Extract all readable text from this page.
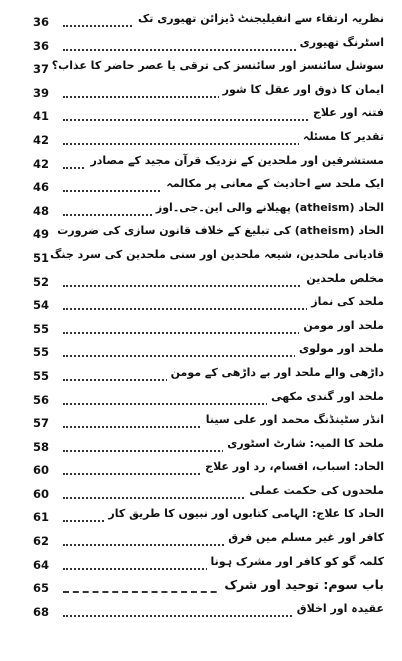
36	نظریہ ارتقاء سے انفیلیجنٹ ڈیزائن تھیوری تک
36	اسٹرنگ تھیوری
37 سوشل سائنسز اور سائنسز کی ترقی یا عصر حاضر کا عذاب؟
39	ایمان کا ذوق اور عقل کا شور
41	فتنہ اور علاج
42	تقدیر کا مسئلہ
42	مستشرقین اور ملحدین کے نزدیک قرآن مجید کے مصادر
46	ایک ملحد سے احادیث کے معانی پر مکالمہ
48	الحاد (atheism) پھیلانے والی این۔جی۔اوز
49 الحاد (atheism) کی تبلیغ کے خلاف قانون سازی کی ضرورت
51 قادیانی ملحدین، شیعہ ملحدین اور سنی ملحدین کی سرد جنگ
52	مخلص ملحدین
54	ملحد کی نماز
55	ملحد اور مومن
55	ملحد اور مولوی
55	داڑھی والے ملحد اور بے داڑھی کے مومن
56	ملحد اور گندی مکھی
57	انڈر سٹینڈنگ محمد اور علی سینا
58	ملحد کا المیہ: شارٹ اسٹوری
60	الحاد: اسباب، اقسام، رد اور علاج
60	ملحدوں کی حکمت عملی
61	الحاد کا علاج: الہامی کتابوں اور نبیوں کا طریق کار
62	کافر اور غیر مسلم میں فرق
64	کلمہ گو کو کافر اور مشرک ہونا
65	باب سوم: توحید اور شرک
68	عقیدہ اور اخلاق
